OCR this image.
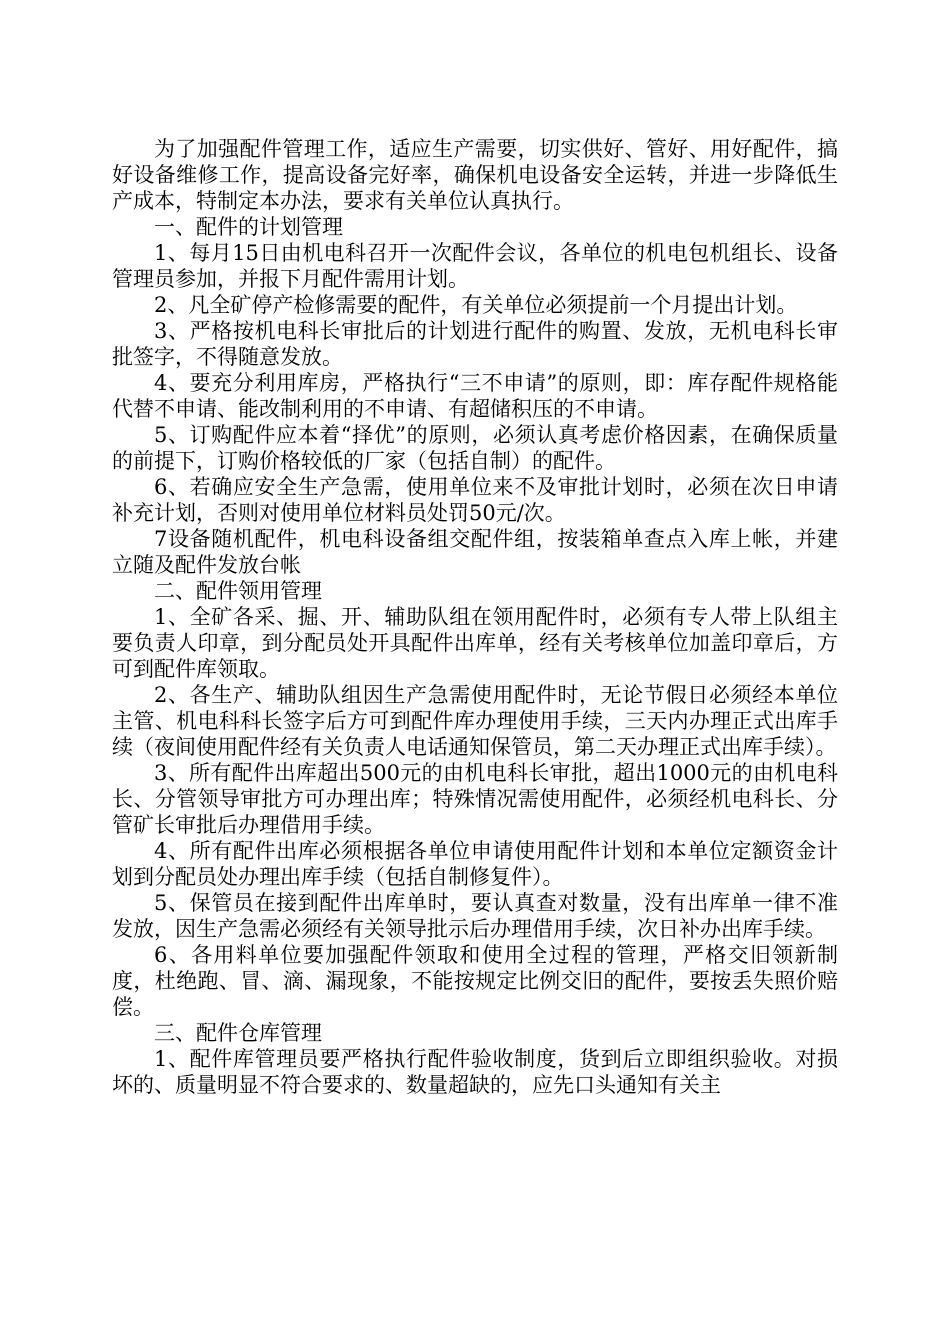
为了加强配件管理工作，适应生产需要，切实供好、管好、用好配件，搞好设备维修工作，提高设备完好率，确保机电设备安全运转，并进一步降低生产成本，特制定本办法，要求有关单位认真执行。

一、配件的计划管理

1、每月15日由机电科召开一次配件会议，各单位的机电包机组长、设备管理员参加，并报下月配件需用计划。

2、凡全矿停产检修需要的配件，有关单位必须提前一个月提出计划。

3、严格按机电科长审批后的计划进行配件的购置、发放，无机电科长审批签字，不得随意发放。

4、要充分利用库房，严格执行“三不申请”的原则，即：库存配件规格能代替不申请、能改制利用的不申请、有超储积压的不申请。

5、订购配件应本着“择优”的原则，必须认真考虑价格因素，在确保质量的前提下，订购价格较低的厂家（包括自制）的配件。

6、若确应安全生产急需，使用单位来不及审批计划时，必须在次日申请补充计划，否则对使用单位材料员处罚50元/次。

7设备随机配件，机电科设备组交配件组，按装箱单查点入库上帐，并建立随及配件发放台帐

二、配件领用管理

1、全矿各采、掘、开、辅助队组在领用配件时，必须有专人带上队组主要负责人印章，到分配员处开具配件出库单，经有关考核单位加盖印章后，方可到配件库领取。

2、各生产、辅助队组因生产急需使用配件时，无论节假日必须经本单位主管、机电科科长签字后方可到配件库办理使用手续，三天内办理正式出库手续（夜间使用配件经有关负责人电话通知保管员，第二天办理正式出库手续）。

3、所有配件出库超出500元的由机电科长审批，超出1000元的由机电科长、分管领导审批方可办理出库；特殊情况需使用配件，必须经机电科长、分管矿长审批后办理借用手续。

4、所有配件出库必须根据各单位申请使用配件计划和本单位定额资金计划到分配员处办理出库手续（包括自制修复件）。

5、保管员在接到配件出库单时，要认真查对数量，没有出库单一律不准发放，因生产急需必须经有关领导批示后办理借用手续，次日补办出库手续。

6、各用料单位要加强配件领取和使用全过程的管理，严格交旧领新制度，杜绝跑、冒、滴、漏现象，不能按规定比例交旧的配件，要按丢失照价赔偿。

三、配件仓库管理

1、配件库管理员要严格执行配件验收制度，货到后立即组织验收。对损坏的、质量明显不符合要求的、数量超缺的，应先口头通知有关主
